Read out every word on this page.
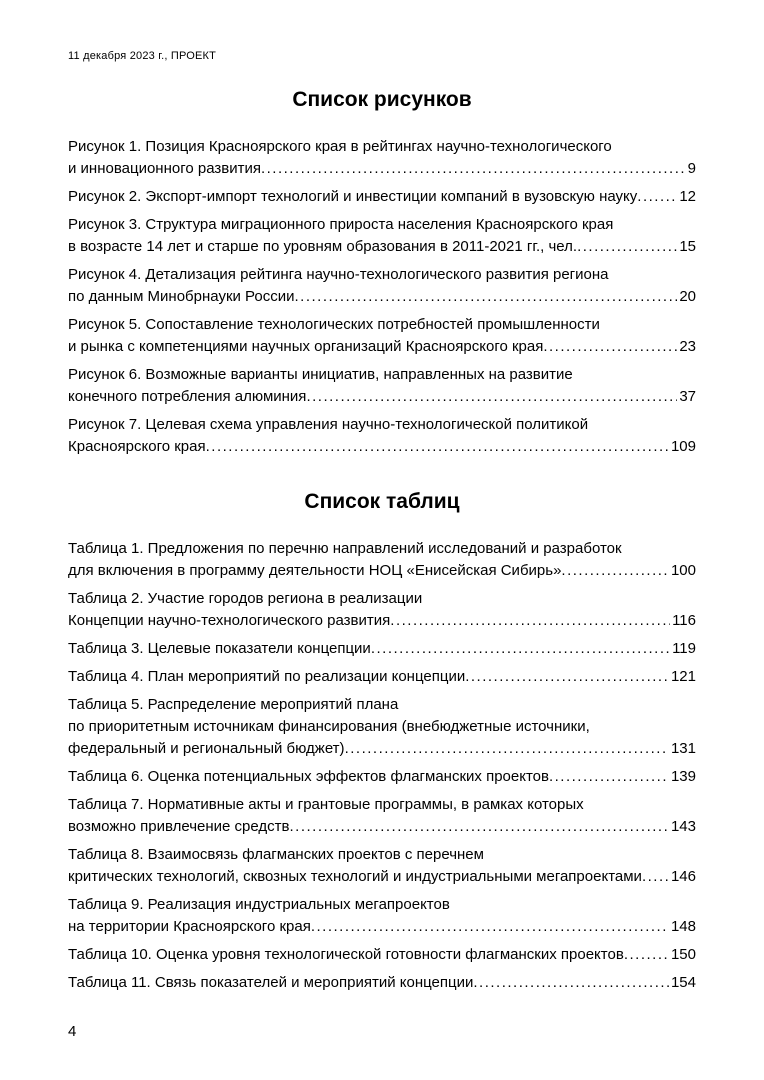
11 декабря 2023 г., ПРОЕКТ
Список рисунков
Рисунок 1. Позиция Красноярского края в рейтингах научно-технологического
и инновационного развития .....	9
Рисунок 2. Экспорт-импорт технологий и инвестиции компаний в вузовскую науку .....	12
Рисунок 3. Структура миграционного прироста населения Красноярского края
в возрасте 14 лет и старше по уровням образования в 2011-2021 гг., чел. .....	15
Рисунок 4. Детализация рейтинга научно-технологического развития региона
по данным Минобрнауки России .....	20
Рисунок 5. Сопоставление технологических потребностей промышленности
и рынка с компетенциями научных организаций Красноярского края .....	23
Рисунок 6. Возможные варианты инициатив, направленных на развитие
конечного потребления алюминия .....	37
Рисунок 7. Целевая схема управления научно-технологической политикой
Красноярского края .....	109
Список таблиц
Таблица 1. Предложения по перечню направлений исследований и разработок
для включения в программу деятельности НОЦ «Енисейская Сибирь» .....	100
Таблица 2. Участие городов региона в реализации
Концепции научно-технологического развития .....	116
Таблица 3. Целевые показатели концепции .....	119
Таблица 4. План мероприятий по реализации концепции .....	121
Таблица 5. Распределение мероприятий плана
по приоритетным источникам финансирования (внебюджетные источники,
федеральный и региональный бюджет) .....	131
Таблица 6. Оценка потенциальных эффектов флагманских проектов .....	139
Таблица 7. Нормативные акты и грантовые программы, в рамках которых
возможно привлечение средств .....	143
Таблица 8. Взаимосвязь флагманских проектов с перечнем
критических технологий, сквозных технологий и индустриальными мегапроектами ..... 146
Таблица 9. Реализация индустриальных мегапроектов
на территории Красноярского края .....	148
Таблица 10. Оценка уровня технологической готовности флагманских проектов .....	150
Таблица 11. Связь показателей и мероприятий концепции .....	154
4
